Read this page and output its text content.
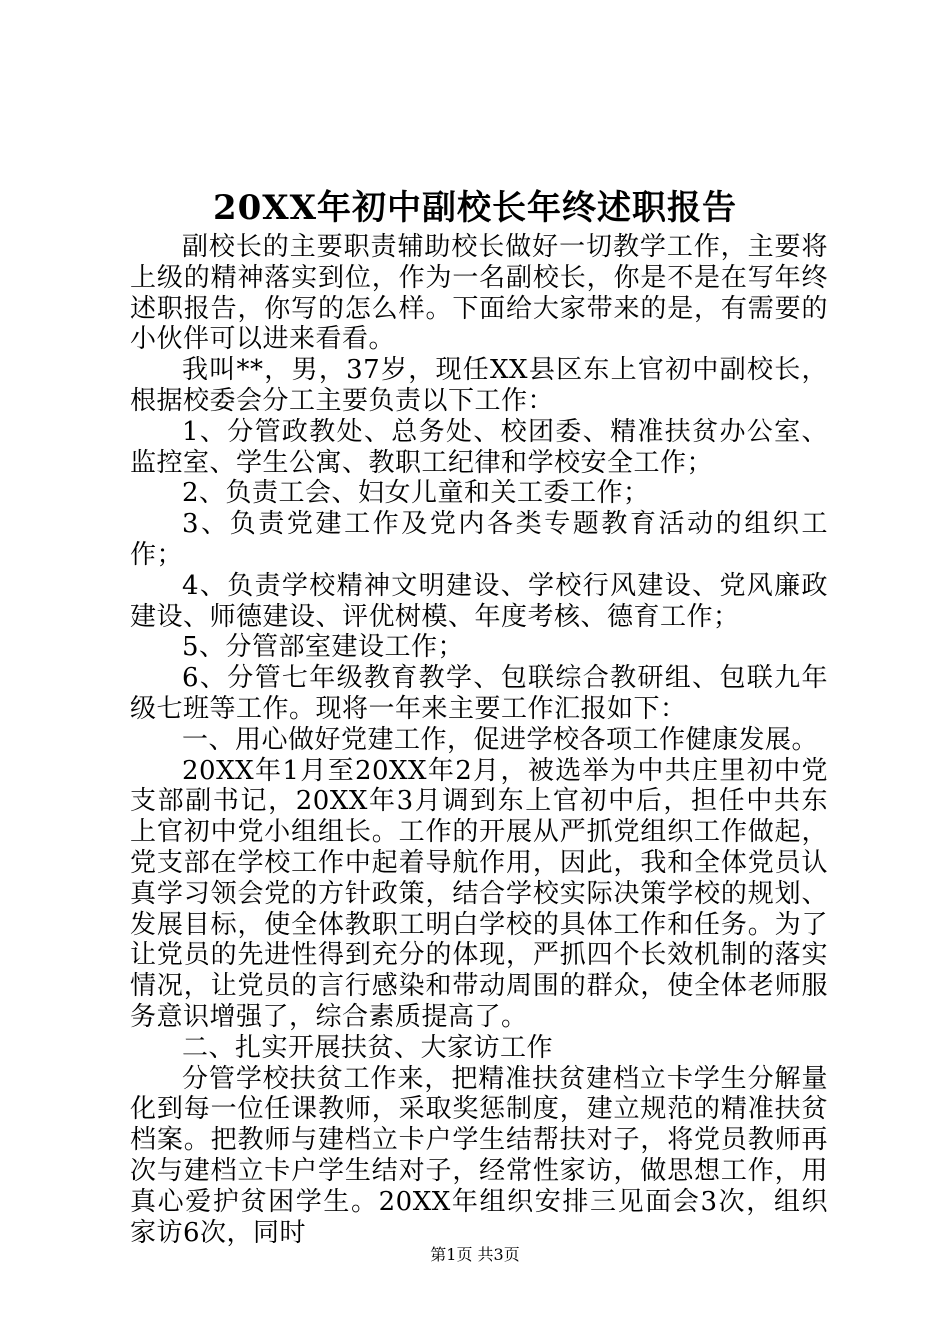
20XX年初中副校长年终述职报告

副校长的主要职责辅助校长做好一切教学工作，主要将上级的精神落实到位，作为一名副校长，你是不是在写年终述职报告，你写的怎么样。下面给大家带来的是，有需要的小伙伴可以进来看看。

我叫**，男，37岁，现任XX县区东上官初中副校长，根据校委会分工主要负责以下工作：

1、分管政教处、总务处、校团委、精准扶贫办公室、监控室、学生公寓、教职工纪律和学校安全工作；

2、负责工会、妇女儿童和关工委工作；

3、负责党建工作及党内各类专题教育活动的组织工作；

4、负责学校精神文明建设、学校行风建设、党风廉政建设、师德建设、评优树模、年度考核、德育工作；

5、分管部室建设工作；

6、分管七年级教育教学、包联综合教研组、包联九年级七班等工作。现将一年来主要工作汇报如下：

一、用心做好党建工作，促进学校各项工作健康发展。

20XX年1月至20XX年2月，被选举为中共庄里初中党支部副书记，20XX年3月调到东上官初中后，担任中共东上官初中党小组组长。工作的开展从严抓党组织工作做起，党支部在学校工作中起着导航作用，因此，我和全体党员认真学习领会党的方针政策，结合学校实际决策学校的规划、发展目标，使全体教职工明白学校的具体工作和任务。为了让党员的先进性得到充分的体现，严抓四个长效机制的落实情况，让党员的言行感染和带动周围的群众，使全体老师服务意识增强了，综合素质提高了。

二、扎实开展扶贫、大家访工作

分管学校扶贫工作来，把精准扶贫建档立卡学生分解量化到每一位任课教师，采取奖惩制度，建立规范的精准扶贫档案。把教师与建档立卡户学生结帮扶对子，将党员教师再次与建档立卡户学生结对子，经常性家访，做思想工作，用真心爱护贫困学生。20XX年组织安排三见面会3次，组织家访6次，同时

第1页 共3页
